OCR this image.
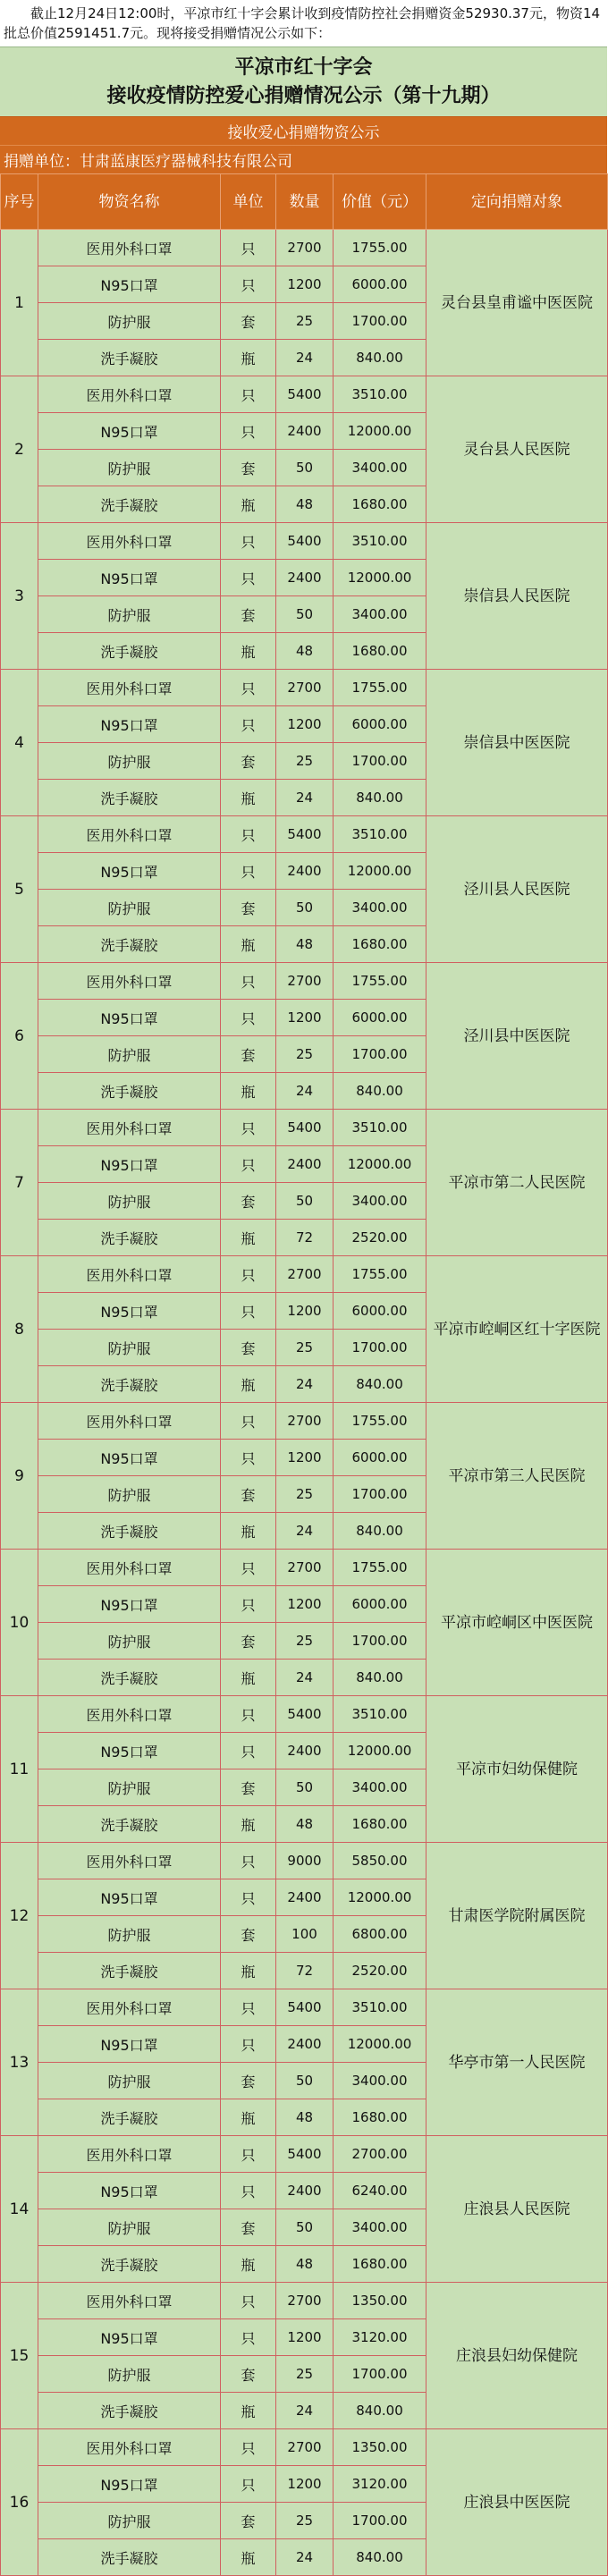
截止12月24日12:00时，平凉市红十字会累计收到疫情防控社会捐赠资金52930.37元，物资14批总价值2591451.7元。现将接受捐赠情况公示如下：
平凉市红十字会
接收疫情防控爱心捐赠情况公示（第十九期）
接收爱心捐赠物资公示
捐赠单位：甘肃蓝康医疗器械科技有限公司
序号	物资名称	单位	数量	价值（元）	定向捐赠对象
1	医用外科口罩	只	2700	1755.00	灵台县皇甫谧中医医院
	N95口罩	只	1200	6000.00	
	防护服	套	25	1700.00	
	洗手凝胶	瓶	24	840.00	
2	医用外科口罩	只	5400	3510.00	灵台县人民医院
	N95口罩	只	2400	12000.00	
	防护服	套	50	3400.00	
	洗手凝胶	瓶	48	1680.00	
3	医用外科口罩	只	5400	3510.00	崇信县人民医院
	N95口罩	只	2400	12000.00	
	防护服	套	50	3400.00	
	洗手凝胶	瓶	48	1680.00	
4	医用外科口罩	只	2700	1755.00	崇信县中医医院
	N95口罩	只	1200	6000.00	
	防护服	套	25	1700.00	
	洗手凝胶	瓶	24	840.00	
5	医用外科口罩	只	5400	3510.00	泾川县人民医院
	N95口罩	只	2400	12000.00	
	防护服	套	50	3400.00	
	洗手凝胶	瓶	48	1680.00	
6	医用外科口罩	只	2700	1755.00	泾川县中医医院
	N95口罩	只	1200	6000.00	
	防护服	套	25	1700.00	
	洗手凝胶	瓶	24	840.00	
7	医用外科口罩	只	5400	3510.00	平凉市第二人民医院
	N95口罩	只	2400	12000.00	
	防护服	套	50	3400.00	
	洗手凝胶	瓶	72	2520.00	
8	医用外科口罩	只	2700	1755.00	平凉市崆峒区红十字医院
	N95口罩	只	1200	6000.00	
	防护服	套	25	1700.00	
	洗手凝胶	瓶	24	840.00	
9	医用外科口罩	只	2700	1755.00	平凉市第三人民医院
	N95口罩	只	1200	6000.00	
	防护服	套	25	1700.00	
	洗手凝胶	瓶	24	840.00	
10	医用外科口罩	只	2700	1755.00	平凉市崆峒区中医医院
	N95口罩	只	1200	6000.00	
	防护服	套	25	1700.00	
	洗手凝胶	瓶	24	840.00	
11	医用外科口罩	只	5400	3510.00	平凉市妇幼保健院
	N95口罩	只	2400	12000.00	
	防护服	套	50	3400.00	
	洗手凝胶	瓶	48	1680.00	
12	医用外科口罩	只	9000	5850.00	甘肃医学院附属医院
	N95口罩	只	2400	12000.00	
	防护服	套	100	6800.00	
	洗手凝胶	瓶	72	2520.00	
13	医用外科口罩	只	5400	3510.00	华亭市第一人民医院
	N95口罩	只	2400	12000.00	
	防护服	套	50	3400.00	
	洗手凝胶	瓶	48	1680.00	
14	医用外科口罩	只	5400	2700.00	庄浪县人民医院
	N95口罩	只	2400	6240.00	
	防护服	套	50	3400.00	
	洗手凝胶	瓶	48	1680.00	
15	医用外科口罩	只	2700	1350.00	庄浪县妇幼保健院
	N95口罩	只	1200	3120.00	
	防护服	套	25	1700.00	
	洗手凝胶	瓶	24	840.00	
16	医用外科口罩	只	2700	1350.00	庄浪县中医医院
	N95口罩	只	1200	3120.00	
	防护服	套	25	1700.00	
	洗手凝胶	瓶	24	840.00	
